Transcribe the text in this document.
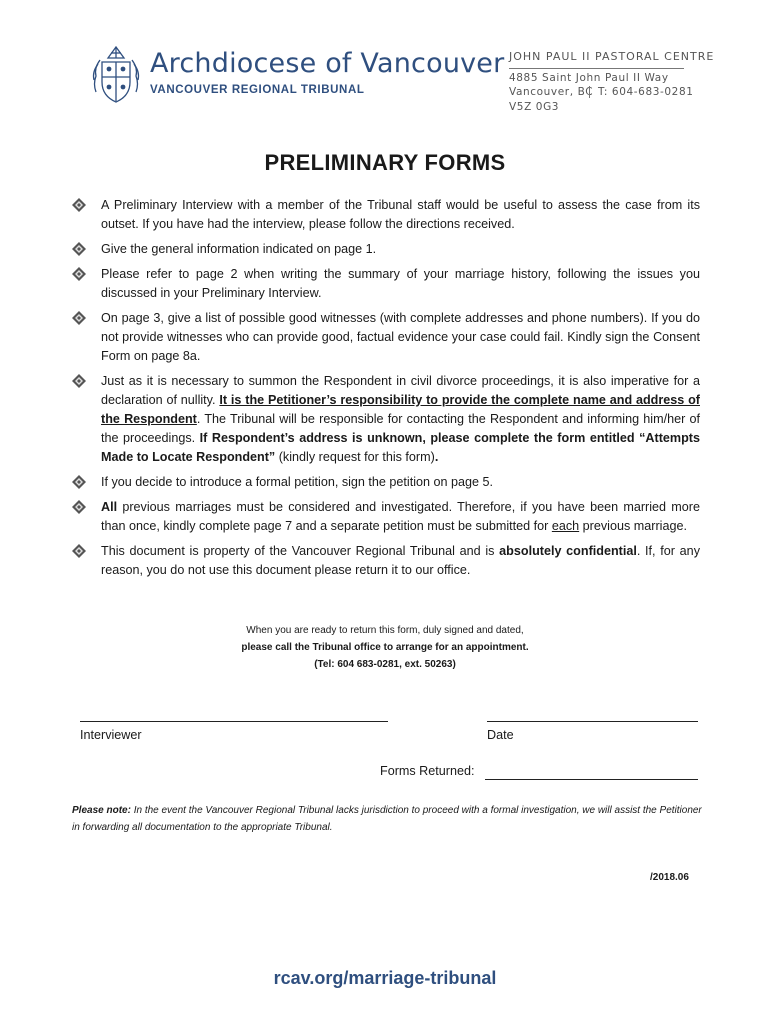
Archdiocese of Vancouver
VANCOUVER REGIONAL TRIBUNAL
JOHN PAUL II PASTORAL CENTRE
4885 Saint John Paul II Way
Vancouver, BC T: 604-683-0281
V5Z 0G3
PRELIMINARY FORMS
A Preliminary Interview with a member of the Tribunal staff would be useful to assess the case from its outset. If you have had the interview, please follow the directions received.
Give the general information indicated on page 1.
Please refer to page 2 when writing the summary of your marriage history, following the issues you discussed in your Preliminary Interview.
On page 3, give a list of possible good witnesses (with complete addresses and phone numbers). If you do not provide witnesses who can provide good, factual evidence your case could fail. Kindly sign the Consent Form on page 8a.
Just as it is necessary to summon the Respondent in civil divorce proceedings, it is also imperative for a declaration of nullity. It is the Petitioner’s responsibility to provide the complete name and address of the Respondent. The Tribunal will be responsible for contacting the Respondent and informing him/her of the proceedings. If Respondent’s address is unknown, please complete the form entitled “Attempts Made to Locate Respondent” (kindly request for this form).
If you decide to introduce a formal petition, sign the petition on page 5.
All previous marriages must be considered and investigated. Therefore, if you have been married more than once, kindly complete page 7 and a separate petition must be submitted for each previous marriage.
This document is property of the Vancouver Regional Tribunal and is absolutely confidential. If, for any reason, you do not use this document please return it to our office.
When you are ready to return this form, duly signed and dated,
please call the Tribunal office to arrange for an appointment.
(Tel: 604 683-0281, ext. 50263)
Interviewer	Date
Forms Returned:
Please note: In the event the Vancouver Regional Tribunal lacks jurisdiction to proceed with a formal investigation, we will assist the Petitioner in forwarding all documentation to the appropriate Tribunal.
/2018.06
rcav.org/marriage-tribunal
